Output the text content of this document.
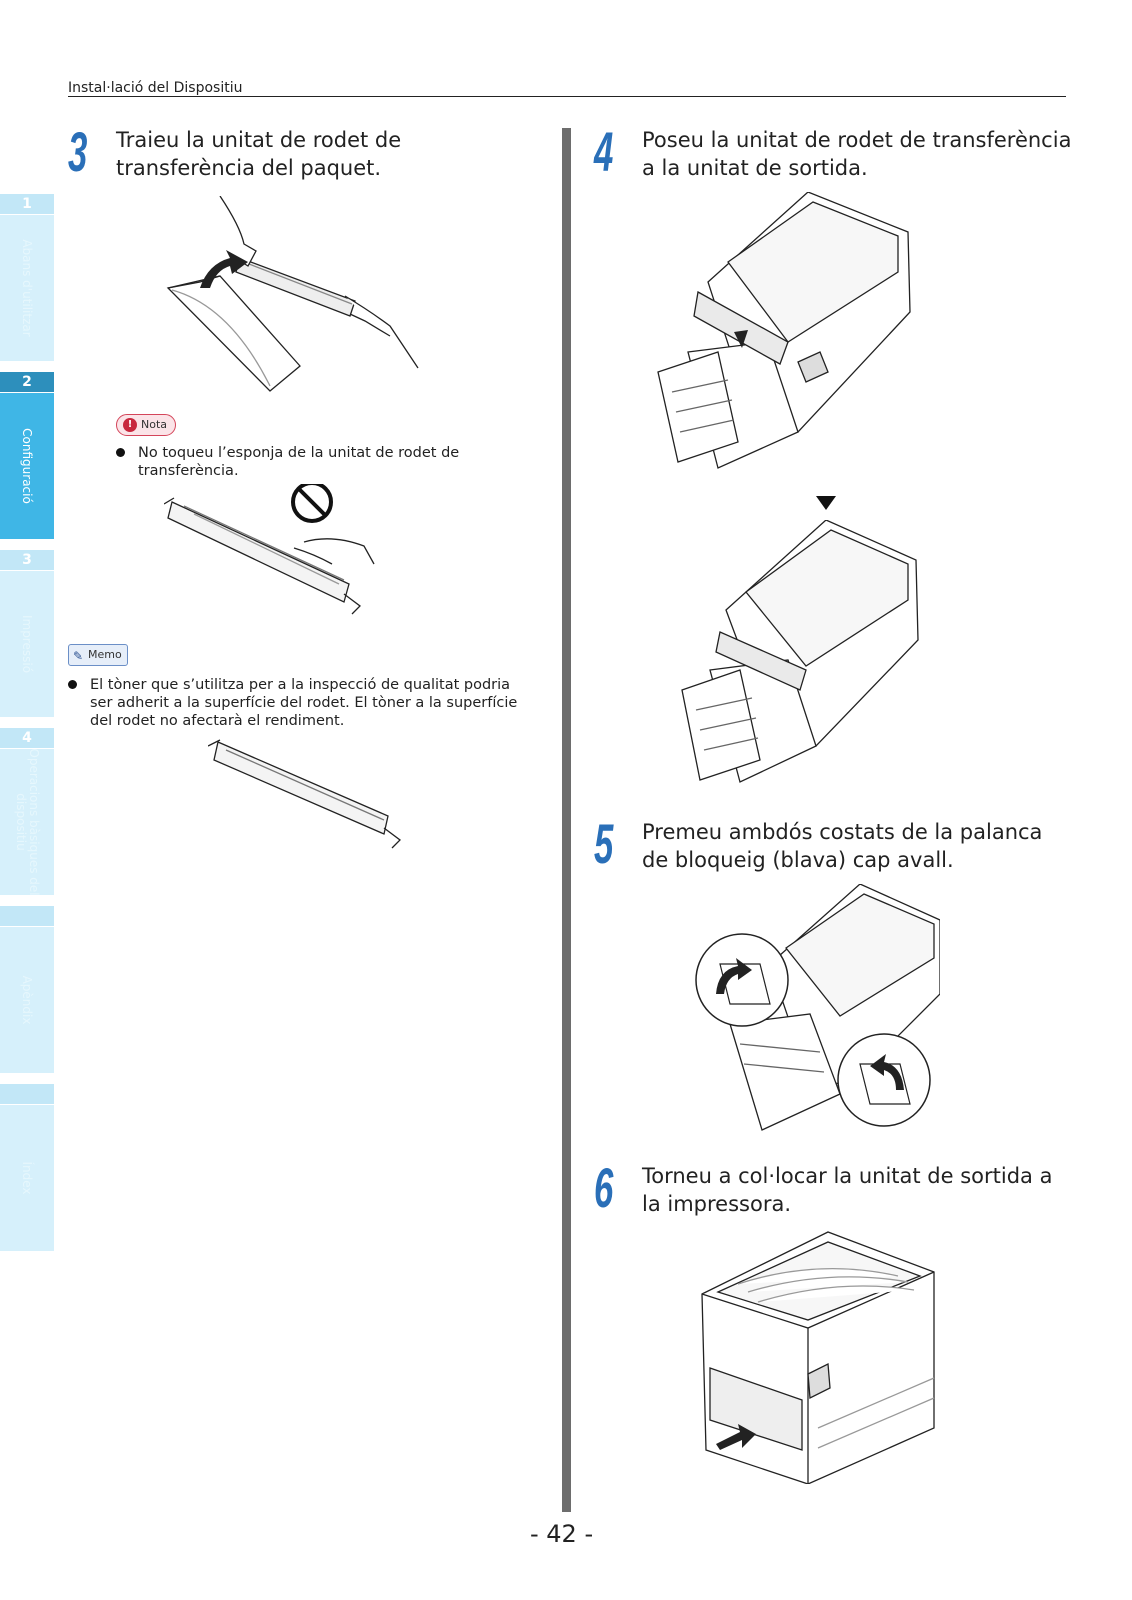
Instal·lació del Dispositiu
1
Abans d'utilitzar
2
Configuració
3
Impressió
4
Operacions bàsiques del dispositiu
Apèndix
Índex
3 Traieu la unitat de rodet de
transferència del paquet.
! Nota
No toqueu l’esponja de la unitat de rodet de
transferència.
✎ Memo
El tòner que s’utilitza per a la inspecció de qualitat podria
ser adherit a la superfície del rodet. El tòner a la superfície
del rodet no afectarà el rendiment.
4 Poseu la unitat de rodet de transferència
a la unitat de sortida.
5 Premeu ambdós costats de la palanca
de bloqueig (blava) cap avall.
6 Torneu a col·locar la unitat de sortida a
la impressora.
- 42 -
